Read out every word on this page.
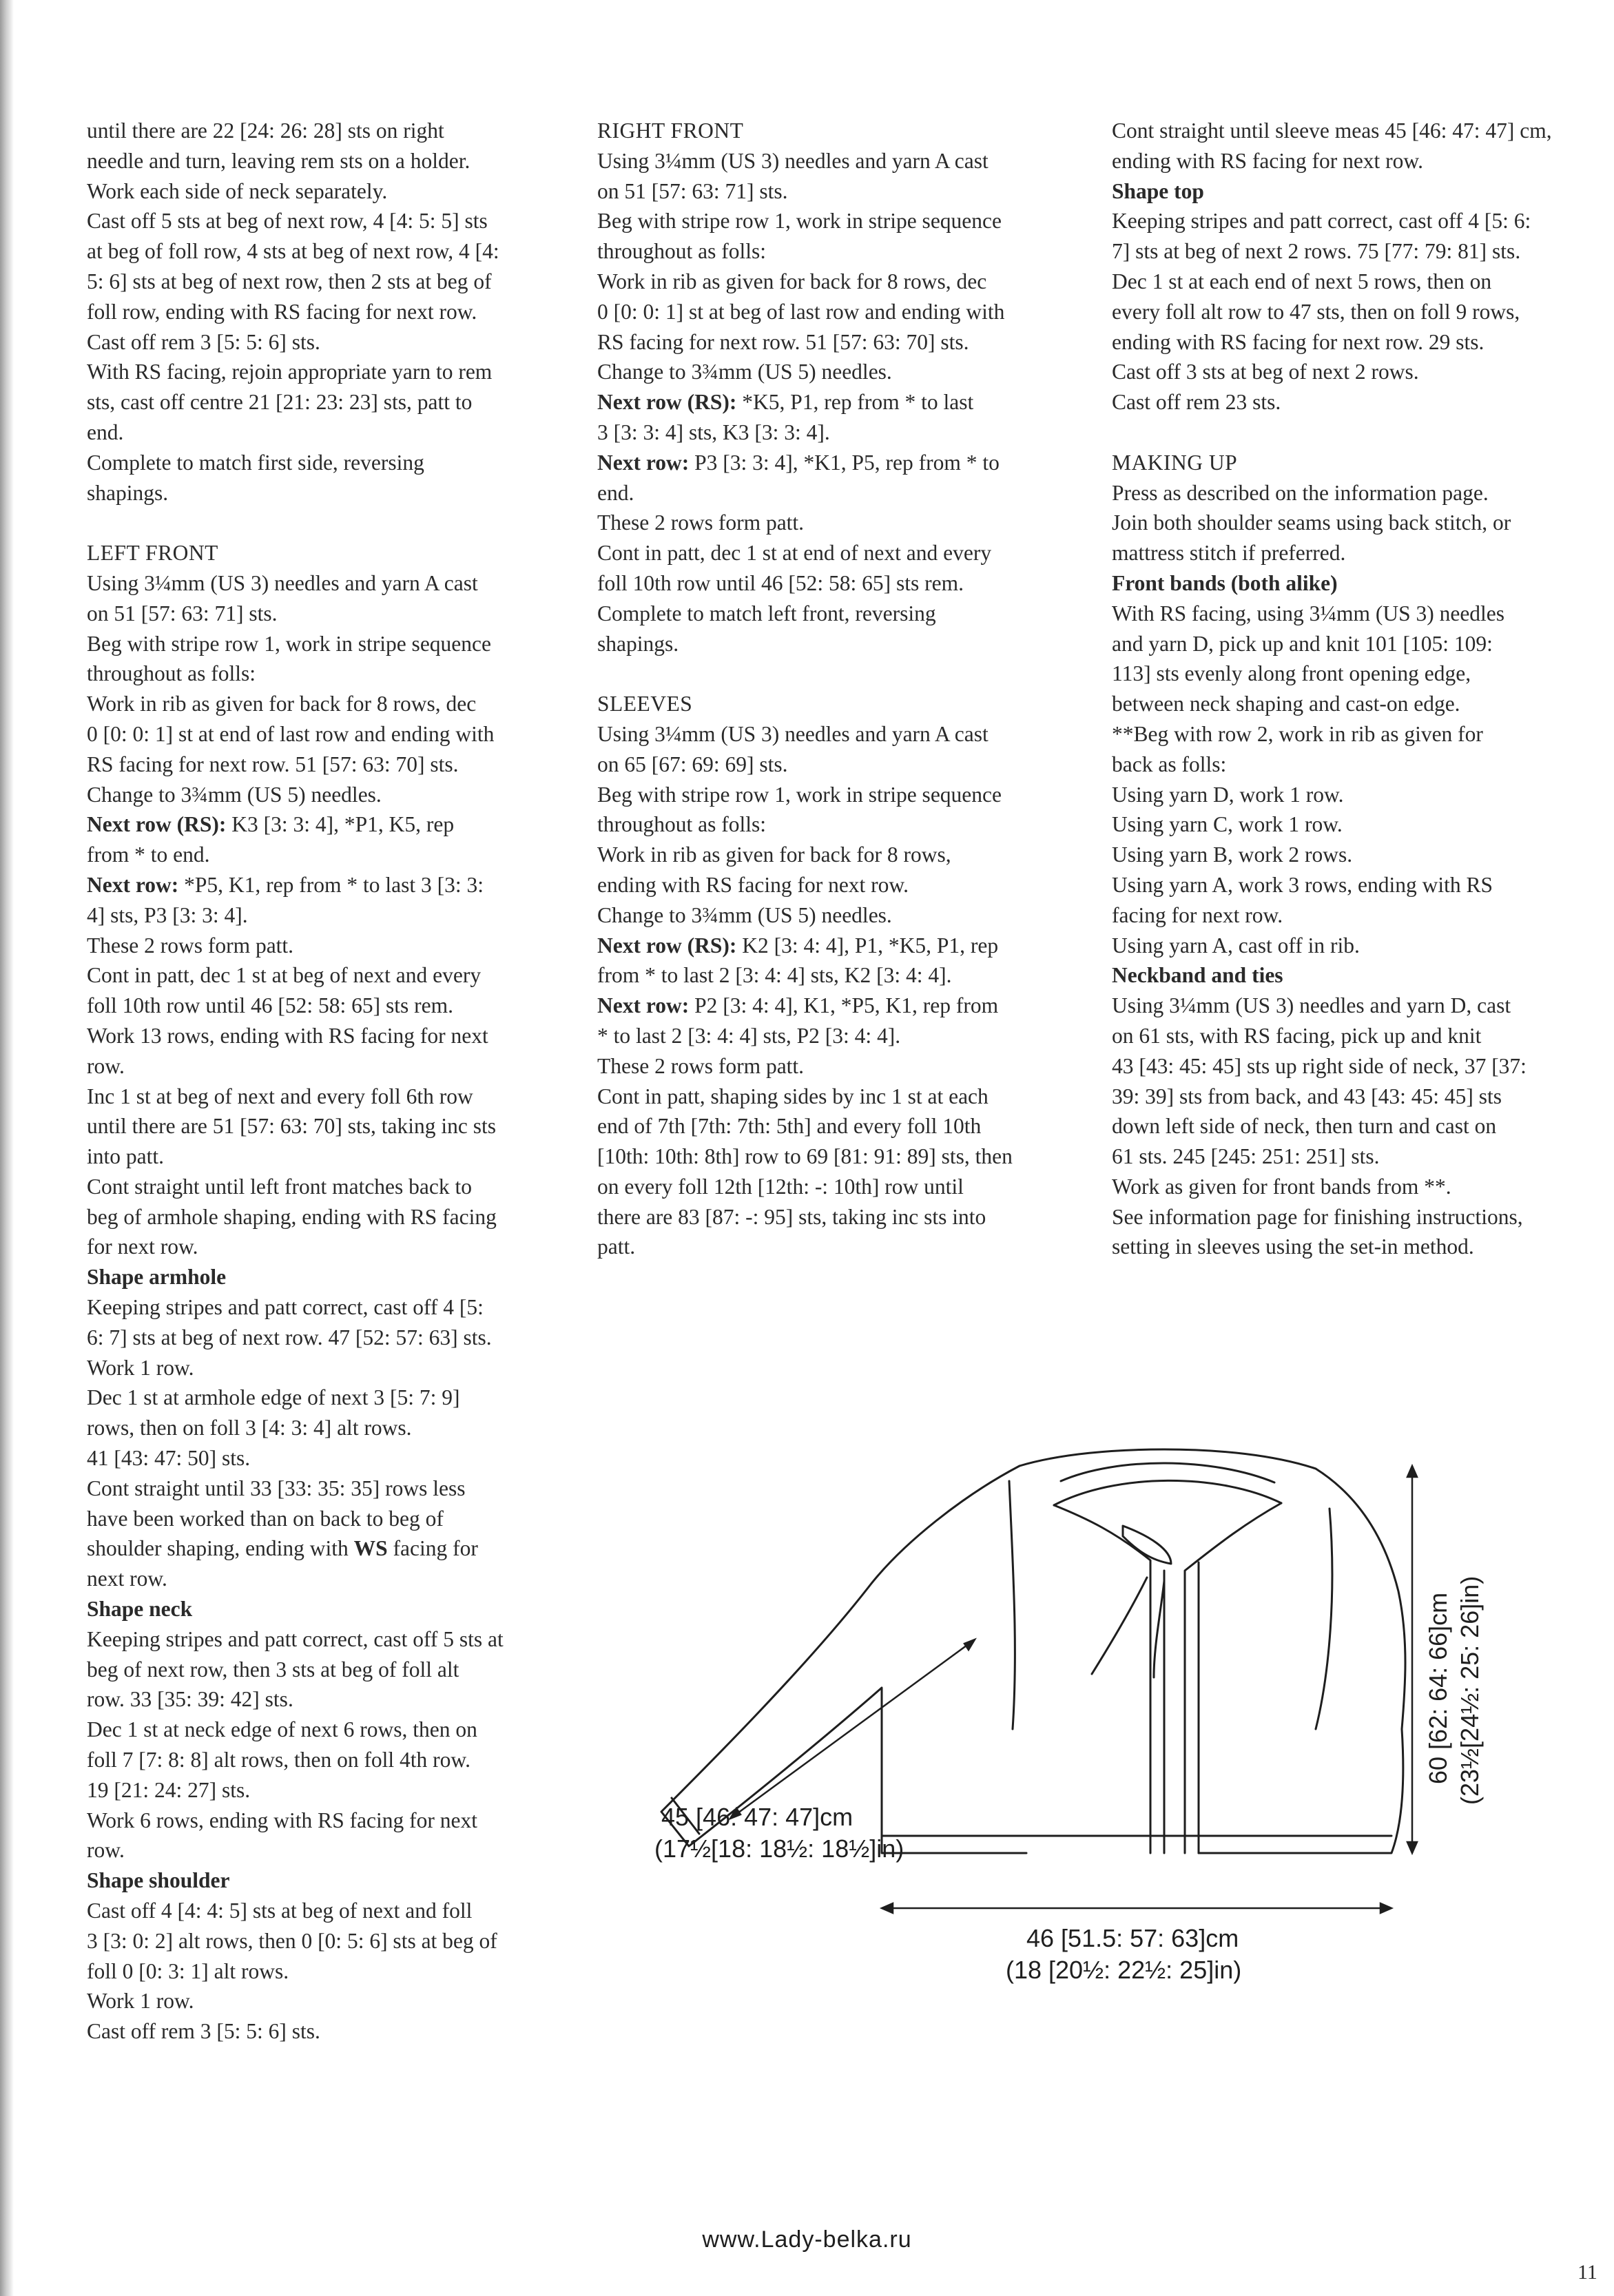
until there are 22 [24: 26: 28] sts on right

needle and turn, leaving rem sts on a holder.

Work each side of neck separately.

Cast off 5 sts at beg of next row, 4 [4: 5: 5] sts

at beg of foll row, 4 sts at beg of next row, 4 [4:

5: 6] sts at beg of next row, then 2 sts at beg of

foll row, ending with RS facing for next row.

Cast off rem 3 [5: 5: 6] sts.

With RS facing, rejoin appropriate yarn to rem

sts, cast off centre 21 [21: 23: 23] sts, patt to

end.

Complete to match first side, reversing

shapings.

LEFT FRONT

Using 3¼mm (US 3) needles and yarn A cast

on 51 [57: 63: 71] sts.

Beg with stripe row 1, work in stripe sequence

throughout as folls:

Work in rib as given for back for 8 rows, dec

0 [0: 0: 1] st at end of last row and ending with

RS facing for next row. 51 [57: 63: 70] sts.

Change to 3¾mm (US 5) needles.

Next row (RS): K3 [3: 3: 4], *P1, K5, rep

from * to end.

Next row: *P5, K1, rep from * to last 3 [3: 3:

4] sts, P3 [3: 3: 4].

These 2 rows form patt.

Cont in patt, dec 1 st at beg of next and every

foll 10th row until 46 [52: 58: 65] sts rem.

Work 13 rows, ending with RS facing for next

row.

Inc 1 st at beg of next and every foll 6th row

until there are 51 [57: 63: 70] sts, taking inc sts

into patt.

Cont straight until left front matches back to

beg of armhole shaping, ending with RS facing

for next row.

Shape armhole

Keeping stripes and patt correct, cast off 4 [5:

6: 7] sts at beg of next row. 47 [52: 57: 63] sts.

Work 1 row.

Dec 1 st at armhole edge of next 3 [5: 7: 9]

rows, then on foll 3 [4: 3: 4] alt rows.

41 [43: 47: 50] sts.

Cont straight until 33 [33: 35: 35] rows less

have been worked than on back to beg of

shoulder shaping, ending with WS facing for

next row.

Shape neck

Keeping stripes and patt correct, cast off 5 sts at

beg of next row, then 3 sts at beg of foll alt

row. 33 [35: 39: 42] sts.

Dec 1 st at neck edge of next 6 rows, then on

foll 7 [7: 8: 8] alt rows, then on foll 4th row.

19 [21: 24: 27] sts.

Work 6 rows, ending with RS facing for next

row.

Shape shoulder

Cast off 4 [4: 4: 5] sts at beg of next and foll

3 [3: 0: 2] alt rows, then 0 [0: 5: 6] sts at beg of

foll 0 [0: 3: 1] alt rows.

Work 1 row.

Cast off rem 3 [5: 5: 6] sts.

RIGHT FRONT

Using 3¼mm (US 3) needles and yarn A cast

on 51 [57: 63: 71] sts.

Beg with stripe row 1, work in stripe sequence

throughout as folls:

Work in rib as given for back for 8 rows, dec

0 [0: 0: 1] st at beg of last row and ending with

RS facing for next row. 51 [57: 63: 70] sts.

Change to 3¾mm (US 5) needles.

Next row (RS): *K5, P1, rep from * to last

3 [3: 3: 4] sts, K3 [3: 3: 4].

Next row: P3 [3: 3: 4], *K1, P5, rep from * to

end.

These 2 rows form patt.

Cont in patt, dec 1 st at end of next and every

foll 10th row until 46 [52: 58: 65] sts rem.

Complete to match left front, reversing

shapings.

SLEEVES

Using 3¼mm (US 3) needles and yarn A cast

on 65 [67: 69: 69] sts.

Beg with stripe row 1, work in stripe sequence

throughout as folls:

Work in rib as given for back for 8 rows,

ending with RS facing for next row.

Change to 3¾mm (US 5) needles.

Next row (RS): K2 [3: 4: 4], P1, *K5, P1, rep

from * to last 2 [3: 4: 4] sts, K2 [3: 4: 4].

Next row: P2 [3: 4: 4], K1, *P5, K1, rep from

* to last 2 [3: 4: 4] sts, P2 [3: 4: 4].

These 2 rows form patt.

Cont in patt, shaping sides by inc 1 st at each

end of 7th [7th: 7th: 5th] and every foll 10th

[10th: 10th: 8th] row to 69 [81: 91: 89] sts, then

on every foll 12th [12th: -: 10th] row until

there are 83 [87: -: 95] sts, taking inc sts into

patt.

Cont straight until sleeve meas 45 [46: 47: 47] cm,

ending with RS facing for next row.

Shape top

Keeping stripes and patt correct, cast off 4 [5: 6:

7] sts at beg of next 2 rows. 75 [77: 79: 81] sts.

Dec 1 st at each end of next 5 rows, then on

every foll alt row to 47 sts, then on foll 9 rows,

ending with RS facing for next row. 29 sts.

Cast off 3 sts at beg of next 2 rows.

Cast off rem 23 sts.

MAKING UP

Press as described on the information page.

Join both shoulder seams using back stitch, or

mattress stitch if preferred.

Front bands (both alike)

With RS facing, using 3¼mm (US 3) needles

and yarn D, pick up and knit 101 [105: 109:

113] sts evenly along front opening edge,

between neck shaping and cast-on edge.

**Beg with row 2, work in rib as given for

back as folls:

Using yarn D, work 1 row.

Using yarn C, work 1 row.

Using yarn B, work 2 rows.

Using yarn A, work 3 rows, ending with RS

facing for next row.

Using yarn A, cast off in rib.

Neckband and ties

Using 3¼mm (US 3) needles and yarn D, cast

on 61 sts, with RS facing, pick up and knit

43 [43: 45: 45] sts up right side of neck, 37 [37:

39: 39] sts from back, and 43 [43: 45: 45] sts

down left side of neck, then turn and cast on

61 sts. 245 [245: 251: 251] sts.

Work as given for front bands from **.

See information page for finishing instructions,

setting in sleeves using the set-in method.

45 [46: 47: 47]cm
(17½[18: 18½: 18½]in)
46 [51.5: 57: 63]cm
(18 [20½: 22½: 25]in)
60 [62: 64: 66]cm (23½[24½: 25: 26]in)
www.Lady-belka.ru
11
